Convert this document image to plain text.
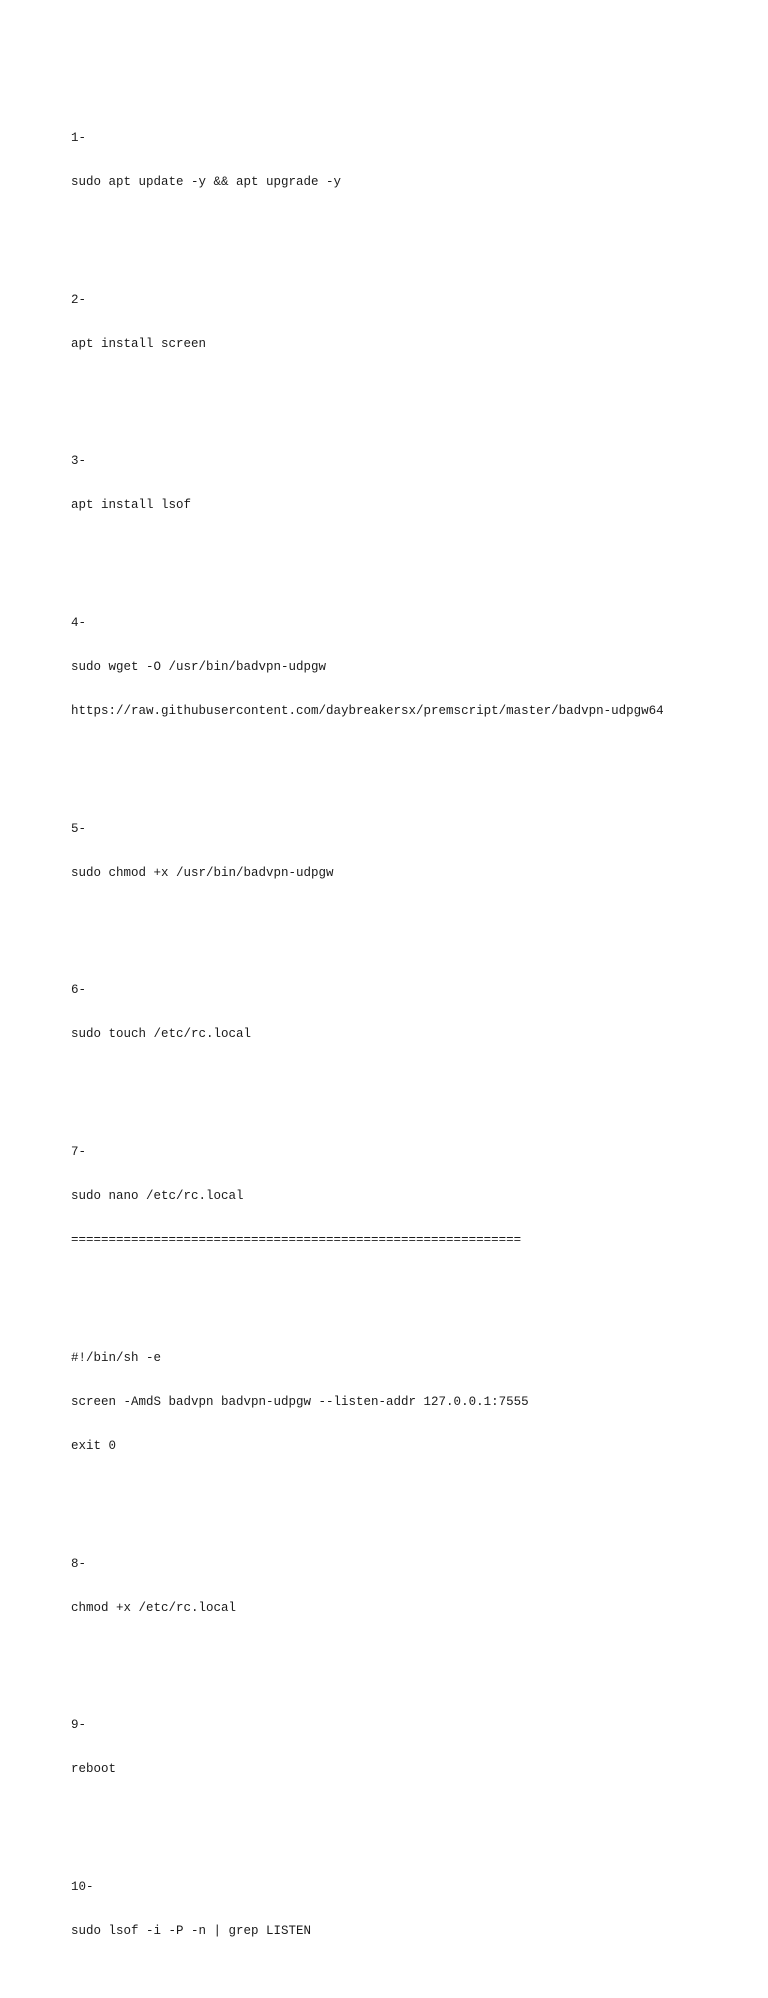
1-

sudo apt update -y && apt upgrade -y

2-

apt install screen

3-

apt install lsof

4-

sudo wget -O /usr/bin/badvpn-udpgw

https://raw.githubusercontent.com/daybreakersx/premscript/master/badvpn-udpgw64

5-

sudo chmod +x /usr/bin/badvpn-udpgw

6-

sudo touch /etc/rc.local

7-

sudo nano /etc/rc.local

============================================================

#!/bin/sh -e

screen -AmdS badvpn badvpn-udpgw --listen-addr 127.0.0.1:7555

exit 0

8-

chmod +x /etc/rc.local

9-

reboot

10-

sudo lsof -i -P -n | grep LISTEN
